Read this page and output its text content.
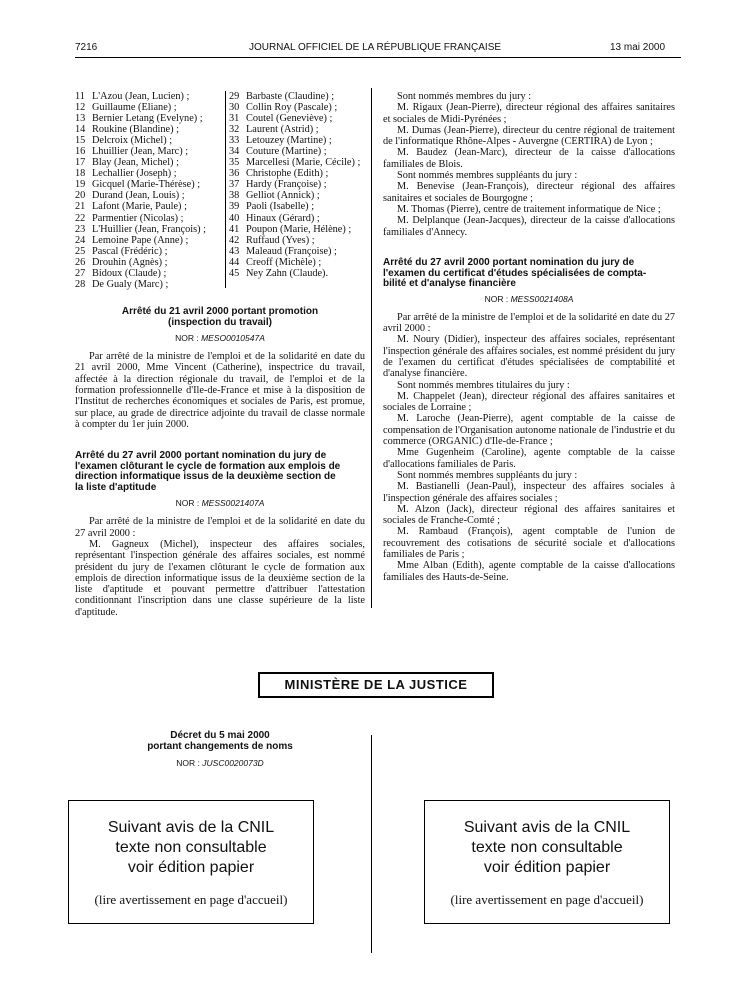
7216	JOURNAL OFFICIEL DE LA RÉPUBLIQUE FRANÇAISE	13 mai 2000
11 L'Azou (Jean, Lucien) ;
12 Guillaume (Eliane) ;
13 Bernier Letang (Evelyne) ;
14 Roukine (Blandine) ;
15 Delcroix (Michel) ;
16 Lhuillier (Jean, Marc) ;
17 Blay (Jean, Michel) ;
18 Lechallier (Joseph) ;
19 Gicquel (Marie-Thérèse) ;
20 Durand (Jean, Louis) ;
21 Lafont (Marie, Paule) ;
22 Parmentier (Nicolas) ;
23 L'Huillier (Jean, François) ;
24 Lemoine Pape (Anne) ;
25 Pascal (Frédéric) ;
26 Drouhin (Agnès) ;
27 Bidoux (Claude) ;
28 De Gualy (Marc) ;
29 Barbaste (Claudine) ;
30 Collin Roy (Pascale) ;
31 Coutel (Geneviève) ;
32 Laurent (Astrid) ;
33 Letouzey (Martine) ;
34 Couture (Martine) ;
35 Marcellesi (Marie, Cécile) ;
36 Christophe (Edith) ;
37 Hardy (Françoise) ;
38 Gelliot (Annick) ;
39 Paoli (Isabelle) ;
40 Hinaux (Gérard) ;
41 Poupon (Marie, Hélène) ;
42 Ruffaud (Yves) ;
43 Maleaud (Françoise) ;
44 Creoff (Michèle) ;
45 Ney Zahn (Claude).

Arrêté du 21 avril 2000 portant promotion

(inspection du travail)

NOR : MESO0010547A

Par arrêté de la ministre de l'emploi et de la solidarité en date du 21 avril 2000, Mme Vincent (Catherine), inspectrice du travail, affectée à la direction régionale du travail, de l'emploi et de la formation professionnelle d'Ile-de-France et mise à la disposition de l'Institut de recherches économiques et sociales de Paris, est promue, sur place, au grade de directrice adjointe du travail de classe normale à compter du 1er juin 2000.

Arrêté du 27 avril 2000 portant nomination du jury de

l'examen clôturant le cycle de formation aux emplois de

direction informatique issus de la deuxième section de

la liste d'aptitude

NOR : MESS0021407A

Par arrêté de la ministre de l'emploi et de la solidarité en date du 27 avril 2000 :

M. Gagneux (Michel), inspecteur des affaires sociales, représentant l'inspection générale des affaires sociales, est nommé président du jury de l'examen clôturant le cycle de formation aux emplois de direction informatique issus de la deuxième section de la liste d'aptitude et pouvant permettre d'attribuer l'attestation conditionnant l'inscription dans une classe supérieure de la liste d'aptitude.

Sont nommés membres du jury :

M. Rigaux (Jean-Pierre), directeur régional des affaires sanitaires et sociales de Midi-Pyrénées ;

M. Dumas (Jean-Pierre), directeur du centre régional de traitement de l'informatique Rhône-Alpes - Auvergne (CERTIRA) de Lyon ;

M. Baudez (Jean-Marc), directeur de la caisse d'allocations familiales de Blois.

Sont nommés membres suppléants du jury :

M. Benevise (Jean-François), directeur régional des affaires sanitaires et sociales de Bourgogne ;

M. Thomas (Pierre), centre de traitement informatique de Nice ;

M. Delplanque (Jean-Jacques), directeur de la caisse d'allocations familiales d'Annecy.

Arrêté du 27 avril 2000 portant nomination du jury de

l'examen du certificat d'études spécialisées de compta-

bilité et d'analyse financière

NOR : MESS0021408A

Par arrêté de la ministre de l'emploi et de la solidarité en date du 27 avril 2000 :

M. Noury (Didier), inspecteur des affaires sociales, représentant l'inspection générale des affaires sociales, est nommé président du jury de l'examen du certificat d'études spécialisées de comptabilité et d'analyse financière.

Sont nommés membres titulaires du jury :

M. Chappelet (Jean), directeur régional des affaires sanitaires et sociales de Lorraine ;

M. Laroche (Jean-Pierre), agent comptable de la caisse de compensation de l'Organisation autonome nationale de l'industrie et du commerce (ORGANIC) d'Ile-de-France ;

Mme Gugenheim (Caroline), agente comptable de la caisse d'allocations familiales de Paris.

Sont nommés membres suppléants du jury :

M. Bastianelli (Jean-Paul), inspecteur des affaires sociales à l'inspection générale des affaires sociales ;

M. Alzon (Jack), directeur régional des affaires sanitaires et sociales de Franche-Comté ;

M. Rambaud (François), agent comptable de l'union de recouvrement des cotisations de sécurité sociale et d'allocations familiales de Paris ;

Mme Alban (Edith), agente comptable de la caisse d'allocations familiales des Hauts-de-Seine.

MINISTÈRE DE LA JUSTICE

Décret du 5 mai 2000

portant changements de noms

NOR : JUSC0020073D

Suivant avis de la CNIL
texte non consultable
voir édition papier
(lire avertissement en page d'accueil)
Suivant avis de la CNIL
texte non consultable
voir édition papier
(lire avertissement en page d'accueil)
